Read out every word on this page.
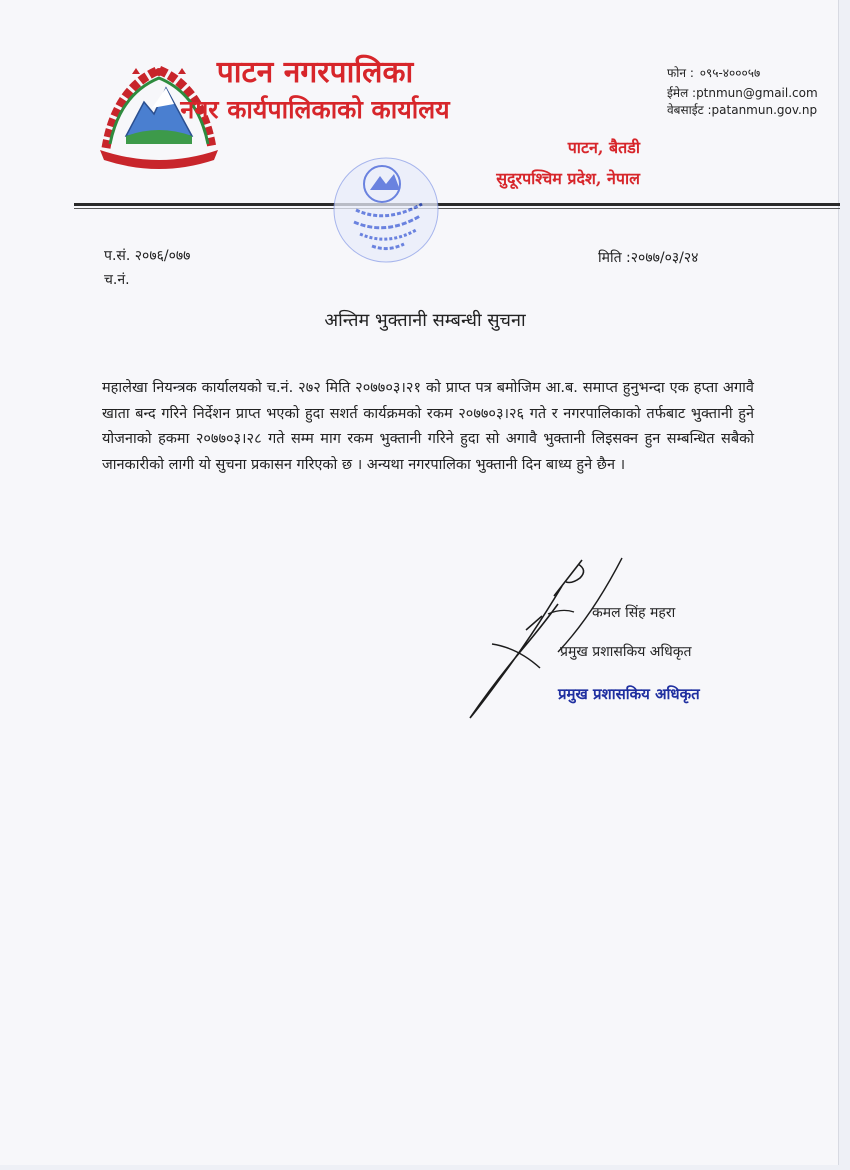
पाटन नगरपालिका
नगर कार्यपालिकाको कार्यालय
पाटन, बैतडी
सुदूरपश्चिम प्रदेश, नेपाल
फोन : ०९५-४०००५७
ईमेल :ptnmun@gmail.com
वेबसाईट :patanmun.gov.np
प.सं. २०७६/०७७
च.नं.
मिति :२०७७/०३/२४
अन्तिम भुक्तानी सम्बन्धी सुचना

महालेखा नियन्त्रक कार्यालयको च.नं. २७२ मिति २०७७०३।२१ को प्राप्त पत्र बमोजिम आ.ब. समाप्त हुनुभन्दा एक हप्ता अगावै खाता बन्द गरिने निर्देशन प्राप्त भएको हुदा सशर्त कार्यक्रमको रकम २०७७०३।२६ गते र नगरपालिकाको तर्फबाट भुक्तानी हुने योजनाको हकमा २०७७०३।२८ गते सम्म माग रकम भुक्तानी गरिने हुदा सो अगावै भुक्तानी लिइसक्न हुन सम्बन्धित सबैको जानकारीको लागी यो सुचना प्रकासन गरिएको छ । अन्यथा नगरपालिका भुक्तानी दिन बाध्य हुने छैन ।

कमल सिंह महरा
प्रमुख प्रशासकिय अधिकृत
प्रमुख प्रशासकिय अधिकृत
